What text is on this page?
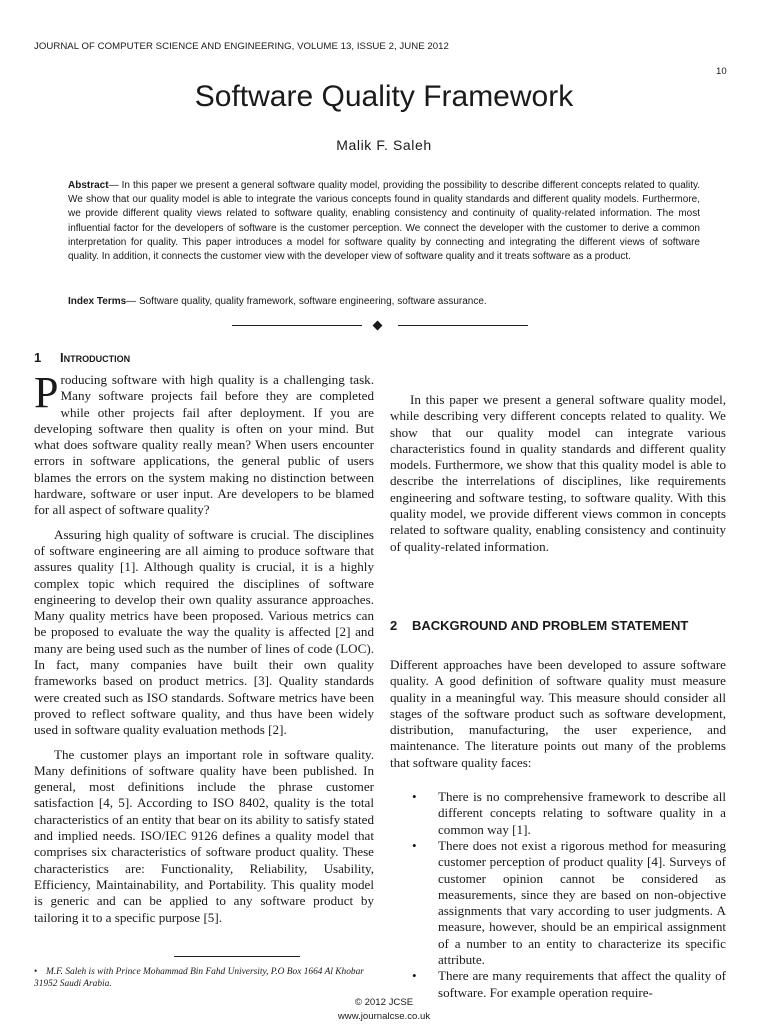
JOURNAL OF COMPUTER SCIENCE AND ENGINEERING, VOLUME 13, ISSUE 2, JUNE 2012
10
Software Quality Framework
Malik F. Saleh
Abstract— In this paper we present a general software quality model, providing the possibility to describe different concepts related to quality. We show that our quality model is able to integrate the various concepts found in quality standards and different quality models. Furthermore, we provide different quality views related to software quality, enabling consistency and continuity of quality-related information. The most influential factor for the developers of software is the customer perception. We connect the developer with the customer to derive a common interpretation for quality. This paper introduces a model for software quality by connecting and integrating the different views of software quality. In addition, it connects the customer view with the developer view of software quality and it treats software as a product.
Index Terms— Software quality, quality framework, software engineering, software assurance.
1 Introduction

Producing software with high quality is a challenging task. Many software projects fail before they are completed while other projects fail after deployment. If you are developing software then quality is often on your mind. But what does software quality really mean? When users encounter errors in software applications, the general public of users blames the errors on the system making no distinction between hardware, software or user input. Are developers to be blamed for all aspect of software quality?

Assuring high quality of software is crucial. The disciplines of software engineering are all aiming to produce software that assures quality [1]. Although quality is crucial, it is a highly complex topic which required the disciplines of software engineering to develop their own quality assurance approaches. Many quality metrics have been proposed. Various metrics can be proposed to evaluate the way the quality is affected [2] and many are being used such as the number of lines of code (LOC). In fact, many companies have built their own quality frameworks based on product metrics. [3]. Quality standards were created such as ISO standards. Software metrics have been proved to reflect software quality, and thus have been widely used in software quality evaluation methods [2].

The customer plays an important role in software quality. Many definitions of software quality have been published. In general, most definitions include the phrase customer satisfaction [4, 5]. According to ISO 8402, quality is the total characteristics of an entity that bear on its ability to satisfy stated and implied needs. ISO/IEC 9126 defines a quality model that comprises six characteristics of software product quality. These characteristics are: Functionality, Reliability, Usability, Efficiency, Maintainability, and Portability. This quality model is generic and can be applied to any software product by tailoring it to a specific purpose [5].

In this paper we present a general software quality model, while describing very different concepts related to quality. We show that our quality model can integrate various characteristics found in quality standards and different quality models. Furthermore, we show that this quality model is able to describe the interrelations of disciplines, like requirements engineering and software testing, to software quality. With this quality model, we provide different views common in concepts related to software quality, enabling consistency and continuity of quality-related information.

2 BACKGROUND AND PROBLEM STATEMENT

Different approaches have been developed to assure software quality. A good definition of software quality must measure quality in a meaningful way. This measure should consider all stages of the software product such as software development, distribution, manufacturing, the user experience, and maintenance. The literature points out many of the problems that software quality faces:

• There is no comprehensive framework to describe all different concepts relating to software quality in a common way [1].
• There does not exist a rigorous method for measuring customer perception of product quality [4]. Surveys of customer opinion cannot be considered as measurements, since they are based on non-objective assignments that vary according to user judgments. A measure, however, should be an empirical assignment of a number to an entity to characterize its specific attribute.
• There are many requirements that affect the quality of software. For example operation require-
• M.F. Saleh is with Prince Mohammad Bin Fahd University, P.O Box 1664 Al Khobar 31952 Saudi Arabia.
© 2012 JCSE
www.journalcse.co.uk
